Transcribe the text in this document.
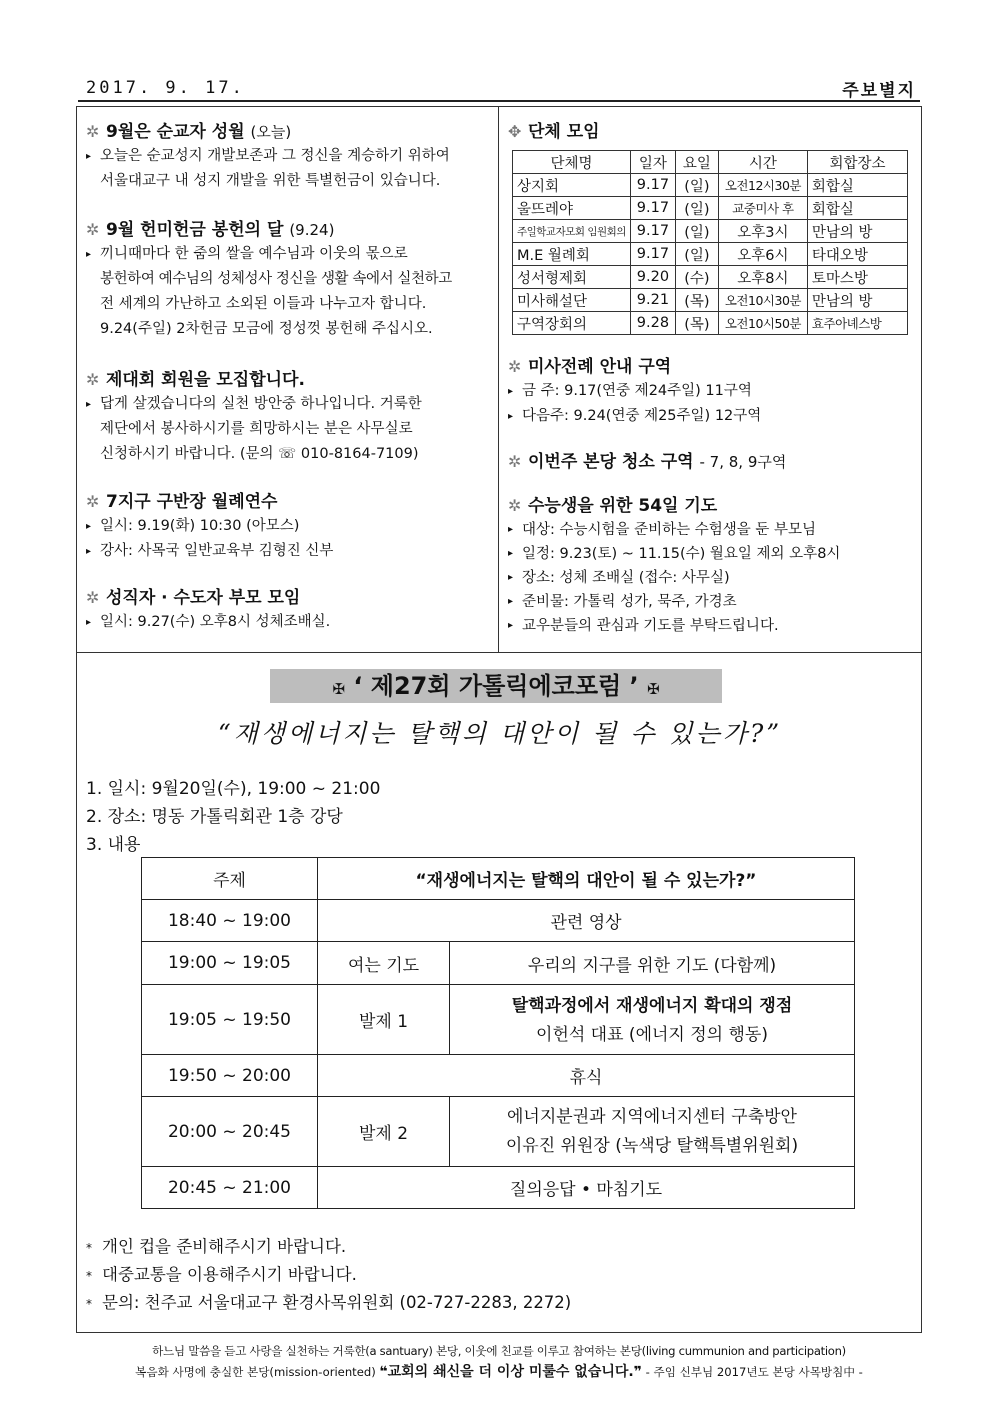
2017. 9. 17.	주보별지
✲ 9월은 순교자 성월 (오늘)
▸ 오늘은 순교성지 개발보존과 그 정신을 계승하기 위하여
서울대교구 내 성지 개발을 위한 특별헌금이 있습니다.
✲ 9월 헌미헌금 봉헌의 달 (9.24)
▸ 끼니때마다 한 줌의 쌀을 예수님과 이웃의 몫으로
봉헌하여 예수님의 성체성사 정신을 생활 속에서 실천하고
전 세계의 가난하고 소외된 이들과 나누고자 합니다.
9.24(주일) 2차헌금 모금에 정성껏 봉헌해 주십시오.
✲ 제대회 회원을 모집합니다.
▸ 답게 살겠습니다의 실천 방안중 하나입니다. 거룩한
제단에서 봉사하시기를 희망하시는 분은 사무실로
신청하시기 바랍니다. (문의 ☏ 010-8164-7109)
✲ 7지구 구반장 월례연수
▸ 일시: 9.19(화) 10:30 (아모스)
▸ 강사: 사목국 일반교육부 김형진 신부
✲ 성직자 · 수도자 부모 모임
▸ 일시: 9.27(수) 오후8시 성체조배실.
✥ 단체 모임
✲ 미사전례 안내 구역
▸ 금 주: 9.17(연중 제24주일) 11구역
▸ 다음주: 9.24(연중 제25주일) 12구역
✲ 이번주 본당 청소 구역 - 7, 8, 9구역
✲ 수능생을 위한 54일 기도
▸ 대상: 수능시험을 준비하는 수험생을 둔 부모님
▸ 일정: 9.23(토) ~ 11.15(수) 월요일 제외 오후8시
▸ 장소: 성체 조배실 (접수: 사무실)
▸ 준비물: 가톨릭 성가, 묵주, 가경초
▸ 교우분들의 관심과 기도를 부탁드립니다.
단체명	일자	요일	시간	회합장소
상지회	9.17	(일)	오전12시30분	회합실
울뜨레야	9.17	(일)	교중미사 후	회합실
주일학교자모회 임원회의	9.17	(일)	오후3시	만남의 방
M.E 월례회	9.17	(일)	오후6시	타대오방
성서형제회	9.20	(수)	오후8시	토마스방
미사해설단	9.21	(목)	오전10시30분	만남의 방
구역장회의	9.28	(목)	오전10시50분	효주아녜스방
✠ ‘ 제27회 가톨릭에코포럼 ’ ✠
“재생에너지는 탈핵의 대안이 될 수 있는가?”
1. 일시: 9월20일(수), 19:00 ~ 21:00
2. 장소: 명동 가톨릭회관 1층 강당
3. 내용
주제	“재생에너지는 탈핵의 대안이 될 수 있는가?”	
18:40 ~ 19:00	관련 영상	
19:00 ~ 19:05	여는 기도	우리의 지구를 위한 기도 (다함께)
19:05 ~ 19:50	발제 1	탈핵과정에서 재생에너지 확대의 쟁점
이헌석 대표 (에너지 정의 행동)

19:50 ~ 20:00	휴식	
20:00 ~ 20:45	발제 2	에너지분권과 지역에너지센터 구축방안
이유진 위원장 (녹색당 탈핵특별위원회)

20:45 ~ 21:00	질의응답 • 마침기도	
* 개인 컵을 준비해주시기 바랍니다.
* 대중교통을 이용해주시기 바랍니다.
* 문의: 천주교 서울대교구 환경사목위원회 (02-727-2283, 2272)
하느님 말씀을 듣고 사랑을 실천하는 거룩한(a santuary) 본당, 이웃에 친교를 이루고 참여하는 본당(living cummunion and participation)
복음화 사명에 충실한 본당(mission-oriented) ❝교회의 쇄신을 더 이상 미룰수 없습니다.❞ - 주임 신부님 2017년도 본당 사목방침中 -
